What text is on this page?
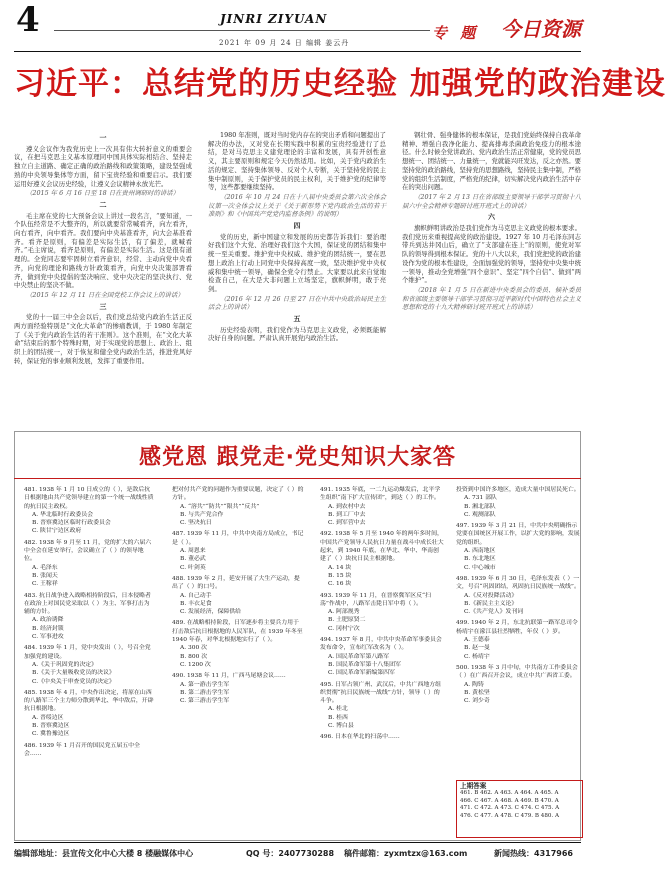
4	JINRI ZIYUAN
2021 年 09 月 24 日 编辑 姜云丹
专 题 今日资源
习近平：总结党的历史经验 加强党的政治建设

一

遵义会议作为我党历史上一次具有伟大转折意义的重要会议，在把马克思主义基本原理同中国具体实际相结合、坚持走独立自主道路、确定正确的政治路线和政策策略，建设坚强成熟的中央领导集体等方面，留下宝贵经验和重要启示。我们要运用好遵义会议历史经验，让遵义会议精神永放光芒。

（2015 年 6 月 16 日至 18 日在贵州调研时的讲话）

二

毛主席在党的七大预备会议上讲过一段名言，“要知道，一个队伍经常是不大整齐的，所以就要常常喊看齐，向左看齐，向右看齐，向中看齐。我们要向中央基准看齐，向大会基准看齐。看齐是原则，有偏差是实际生活，有了偏差，就喊看齐。”毛主席说，看齐是原则，有偏差是实际生活。这是很有道理的。全党同志要牢固树立看齐意识，经常、主动向党中央看齐，向党的理论和路线方针政策看齐，向党中央决策部署看齐，做到党中央提倡的坚决响应、党中央决定的坚决执行、党中央禁止的坚决不做。

（2015 年 12 月 11 日在全国党校工作会议上的讲话）

三

党的十一届三中全会以后，我们党总结党内政治生活正反两方面经验特别是“文化大革命”的惨痛教训，于 1980 年制定了《关于党内政治生活的若干准则》。这个准则，在“文化大革命”结束后的那个特殊时期，对于实现党的思想上、政治上、组织上的团结统一，对于恢复和健全党内政治生活，推进党风好转，保证党的事业顺利发展，发挥了重要作用。

1980 年准则，既对当时党内存在的突出矛盾和问题提出了解决的办法，又对党在长期实践中积累的宝贵经验进行了总结，是对马克思主义建党理论的丰富和发展，具有开创性意义，其主要原则和规定今天仍然适用。比如，关于党内政治生活的规定、坚持集体领导、反对个人专断，关于坚持党的民主集中制原则，关于保护党员的民主权利，关于维护党的纪律等等，这些都要继续坚持。

（2016 年 10 月 24 日在十八届中央委员会第六次全体会议第一次全体会议上关于《关于新形势下党内政治生活的若干准则》和《中国共产党党内监督条例》的说明）

四

党的历史，新中国建立和发展的历史都告诉我们：要治理好我们这个大党、治理好我们这个大国，保证党的团结和集中统一至关重要。维护党中央权威、维护党的团结统一，要在思想上政治上行动上同党中央保持高度一致，坚决维护党中央权威和集中统一领导，确保全党令行禁止。大家要以此来自觉地检查自己，在大是大非问题上立场坚定，旗帜鲜明，敢于亮剑。

（2016 年 12 月 26 日至 27 日在中共中央政治局民主生活会上的讲话）

五

历史经验表明，我们党作为马克思主义政党，必须既能解决好自身的问题。严肃认真开展党内政治生活。

钢壮骨、强身健体的根本保证，是我们党始终保持自我革命精神、增强自我净化能力、提高排毒杀菌政治免疫力的根本途径。什么时候全党讲政治、党内政治生活正常健康，党的党员思想统一、团结统一、力量统一，党就能兴旺发达，反之亦然。要坚持党的政治路线，坚持党的思想路线，坚持民主集中制，严格党的组织生活制度，严格党的纪律，切实解决党内政治生活中存在的突出问题。

（2017 年 2 月 13 日在省部级主要领导干部学习贯彻十八届六中全会精神专题研讨班开班式上的讲话）

六

旗帜鲜明讲政治是我们党作为马克思主义政党的根本要求。我们党历来重视提高党的政治建设。1927 年 10 月毛泽东同志带兵到达井冈山后，确立了“支部建在连上”的原则，使党对军队的领导得到根本保证。党的十八大以来，我们党把党的政治建设作为党的根本性建设，全面加强党的领导，坚持党中央集中统一领导，推动全党增强“四个意识”、坚定“四个自信”、做到“两个维护”。

（2018 年 1 月 5 日在新进中央委员会的委员、候补委员和省部级主要领导干部学习贯彻习近平新时代中国特色社会主义思想和党的十九大精神研讨班开班式上的讲话）

感党恩 跟党走·党史知识大家答
481. 1938 年 1 月 10 日成立的（ ），是敌后抗日根据地由共产党领导建立的第一个统一战线性质的抗日民主政权。
A. 华北临时行政委员会
B. 晋察冀边区临时行政委员会
C. 陕甘宁边区政府
482. 1938 年 9 月至 11 月，党的扩大的六届六中全会在延安举行，会议确立了（ ）的领导地位。
A. 毛泽东
B. 张闻天
C. 王稼祥
483. 抗日战争进入战略相持阶段后，日本侵略者在政治上对国民党采取以（ ）为主、军事打击为辅的方针。
A. 政治诱降
B. 经济封锁
C. 军事进攻
484. 1939 年 1 月，党中央发出（ ），号召全党加强党的建设。
A.《关于巩固党的决定》
B.《关于大量吸收党员的决议》
C.《中央关于审查党员的决定》
485. 1938 年 4 月，中央作出决定，将原在山西的八路军三个主力师分散到华北、华中敌后，开辟抗日根据地。
A. 晋绥边区
B. 晋察冀边区
C. 冀鲁豫边区
486. 1939 年 1 月召开的国民党五届五中全会……
把对付共产党的问题作为重要议题，决定了（ ）的方针。
A. “溶共”“防共”“限共”“反共”
B. 与共产党合作
C. 坚决抗日
487. 1939 年 11 月，中共中央南方局成立，书记是（ ）。
A. 周恩来
B. 董必武
C. 叶剑英
488. 1939 年 2 月，延安开展了大生产运动，提出了（ ）的口号。
A. 自己动手
B. 丰衣足食
C. 发展经济，保障供给
489. 在战略相持阶段，日军逐步将主要兵力用于打击敌后抗日根据地的人民军队，在 1939 年冬至 1940 年春，对华北根据地实行了（ ）。
A. 300 次
B. 800 次
C. 1200 次
490. 1938 年 11 月，广西马尾塘会议……
A. 第一游击学生军
B. 第二游击学生军
C. 第三游击学生军
491. 1935 年底，一二九运动爆发后，北平学生组织“南下扩大宣传团”，到达（ ）的工作。
A. 到农村中去
B. 到工厂中去
C. 到军营中去
492. 1938 年 5 月至 1940 年的两年多时间，中国共产党领导人民抗日力量在战斗中成长壮大起来，到 1940 年底，在华北、华中、华南创建了（ ）块抗日民主根据地。
A. 14 块
B. 15 块
C. 16 块
493. 1939 年 11 月，在晋察冀军区反“扫荡”作战中，八路军击毙日军中将（ ）。
A. 阿部规秀
B. 土肥原贤二
C. 冈村宁次
494. 1937 年 8 月，中共中央革命军事委员会发布命令，宣布红军改名为（ ）。
A. 国民革命军第八路军
B. 国民革命军第十八集团军
C. 国民革命军新编第四军
495. 日军占领广州、武汉后，中共广西地方组织贯彻“抗日民族统一战线”方针，领导（ ）的斗争。
A. 桂北
B. 桂西
C. 博白县
496. 日本在华北的扫荡中……
投资到中国许多地区，造成大量中国居民死亡。
A. 731 部队
B. 湘北部队
C. 观测部队
497. 1939 年 3 月 21 日，中共中央明确指示党要在国统区开展工作，以扩大党的影响，发展党的组织。
A. 西南地区
B. 东北地区
C. 中心城市
498. 1939 年 6 月 30 日，毛泽东发表（ ）一文，号召“巩固团结，巩固抗日民族统一战线”。
A.《反对投降活动》
B.《新民主主义论》
C.《共产党人》发刊词
499. 1940 年 2 月，东北抗联第一路军总司令杨靖宇在濛江县壮烈牺牲，年仅（ ）岁。
A. 王德泰
B. 赵一曼
C. 杨靖宇
500. 1938 年 3 月中旬，中共南方工作委员会（ ）在广西召开会议，成立中共广西省工委。
A. 陶铸
B. 黄松坚
C. 刘少奇
上期答案
461. B 462. A 463. A 464. A 465. A
466. C 467. A 468. A 469. B 470. A
471. C 472. A 473. C 474. C 475. A
476. C 477. A 478. C 479. B 480. A
编辑部地址：县宣传文化中心大楼 8 楼融媒体中心	QQ 号：2407730288 稿件邮箱：zyxmtzx@163.com	新闻热线：4317966
